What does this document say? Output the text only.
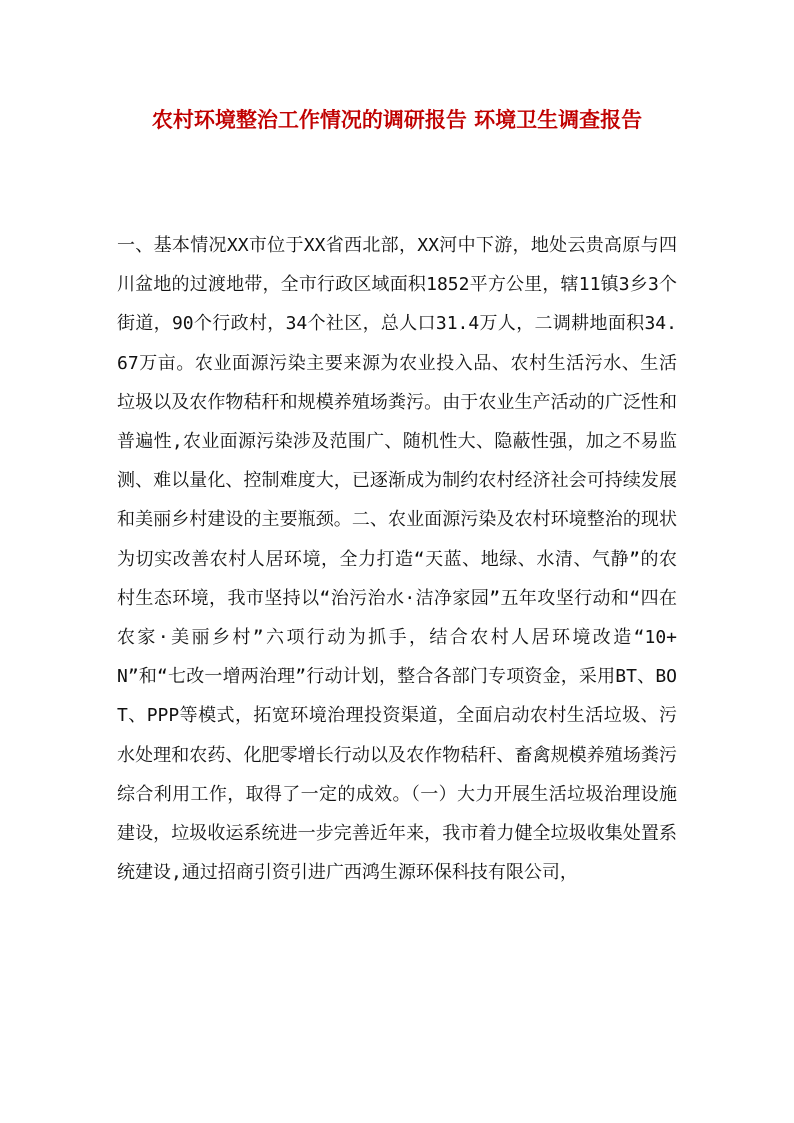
农村环境整治工作情况的调研报告 环境卫生调查报告

一、基本情况XX市位于XX省西北部，XX河中下游，地处云贵高原与四川盆地的过渡地带，全市行政区域面积1852平方公里，辖11镇3乡3个街道，90个行政村，34个社区，总人口31.4万人，二调耕地面积34.67万亩。农业面源污染主要来源为农业投入品、农村生活污水、生活垃圾以及农作物秸秆和规模养殖场粪污。由于农业生产活动的广泛性和普遍性,农业面源污染涉及范围广、随机性大、隐蔽性强，加之不易监测、难以量化、控制难度大，已逐渐成为制约农村经济社会可持续发展和美丽乡村建设的主要瓶颈。二、农业面源污染及农村环境整治的现状为切实改善农村人居环境，全力打造“天蓝、地绿、水清、气静”的农村生态环境，我市坚持以“治污治水·洁净家园”五年攻坚行动和“四在农家·美丽乡村”六项行动为抓手，结合农村人居环境改造“10+N”和“七改一增两治理”行动计划，整合各部门专项资金，采用BT、BOT、PPP等模式，拓宽环境治理投资渠道，全面启动农村生活垃圾、污水处理和农药、化肥零增长行动以及农作物秸秆、畜禽规模养殖场粪污综合利用工作，取得了一定的成效。（一）大力开展生活垃圾治理设施建设，垃圾收运系统进一步完善近年来，我市着力健全垃圾收集处置系统建设,通过招商引资引进广西鸿生源环保科技有限公司，
